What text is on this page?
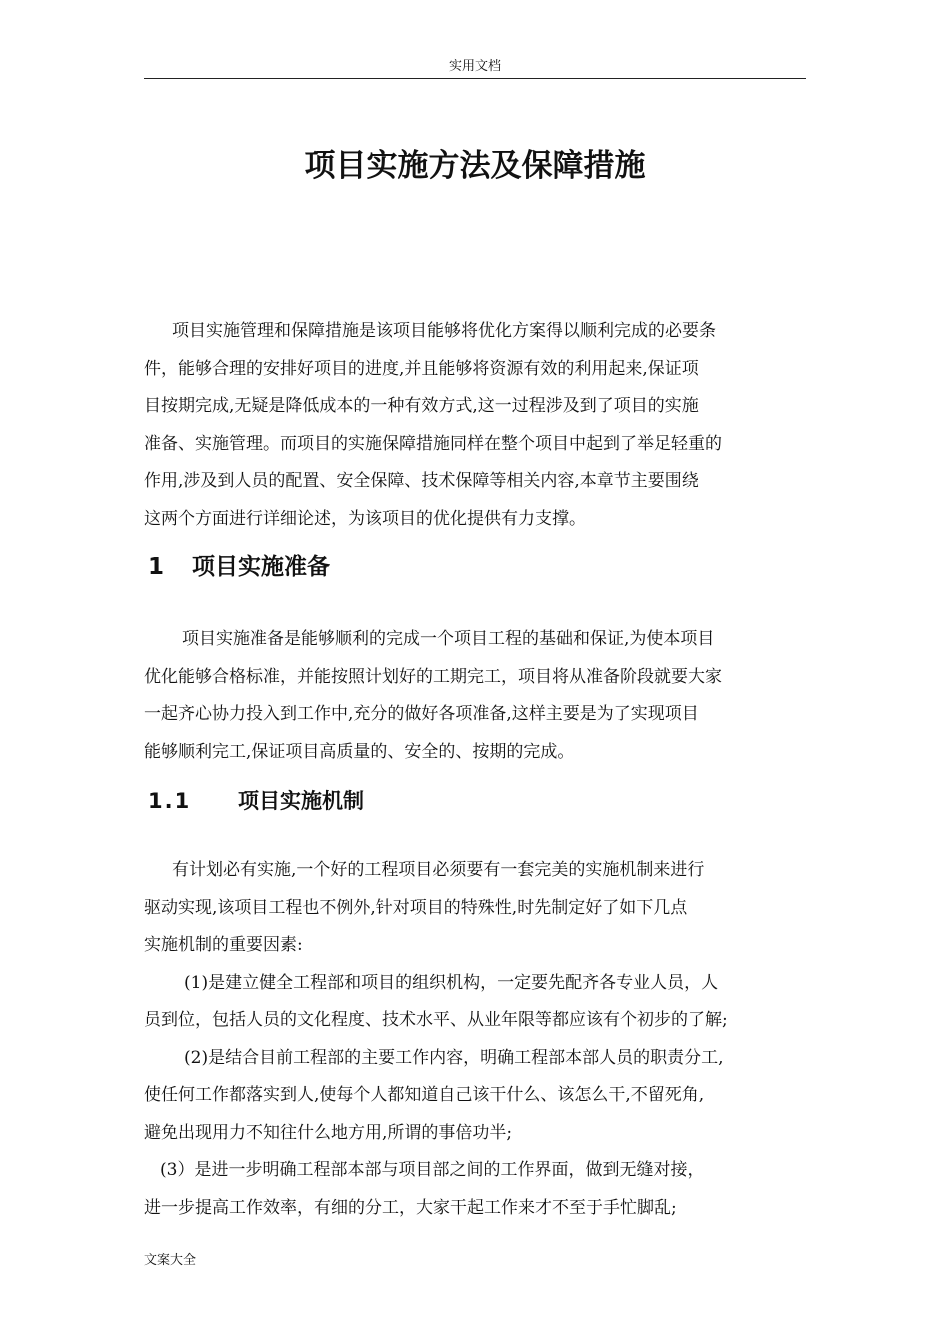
实用文档
项目实施方法及保障措施
项目实施管理和保障措施是该项目能够将优化方案得以顺利完成的必要条
件，能够合理的安排好项目的进度,并且能够将资源有效的利用起来,保证项
目按期完成,无疑是降低成本的一种有效方式,这一过程涉及到了项目的实施
准备、实施管理。而项目的实施保障措施同样在整个项目中起到了举足轻重的
作用,涉及到人员的配置、安全保障、技术保障等相关内容,本章节主要围绕
这两个方面进行详细论述，为该项目的优化提供有力支撑。
1 项目实施准备
项目实施准备是能够顺利的完成一个项目工程的基础和保证,为使本项目
优化能够合格标准，并能按照计划好的工期完工，项目将从准备阶段就要大家
一起齐心协力投入到工作中,充分的做好各项准备,这样主要是为了实现项目
能够顺利完工,保证项目高质量的、安全的、按期的完成。
1.1 项目实施机制
有计划必有实施,一个好的工程项目必须要有一套完美的实施机制来进行
驱动实现,该项目工程也不例外,针对项目的特殊性,时先制定好了如下几点
实施机制的重要因素:
(1)是建立健全工程部和项目的组织机构，一定要先配齐各专业人员，人
员到位，包括人员的文化程度、技术水平、从业年限等都应该有个初步的了解;
(2)是结合目前工程部的主要工作内容，明确工程部本部人员的职责分工,
使任何工作都落实到人,使每个人都知道自己该干什么、该怎么干,不留死角,
避免出现用力不知往什么地方用,所谓的事倍功半;
(3）是进一步明确工程部本部与项目部之间的工作界面，做到无缝对接，
进一步提高工作效率，有细的分工，大家干起工作来才不至于手忙脚乱;
文案大全
